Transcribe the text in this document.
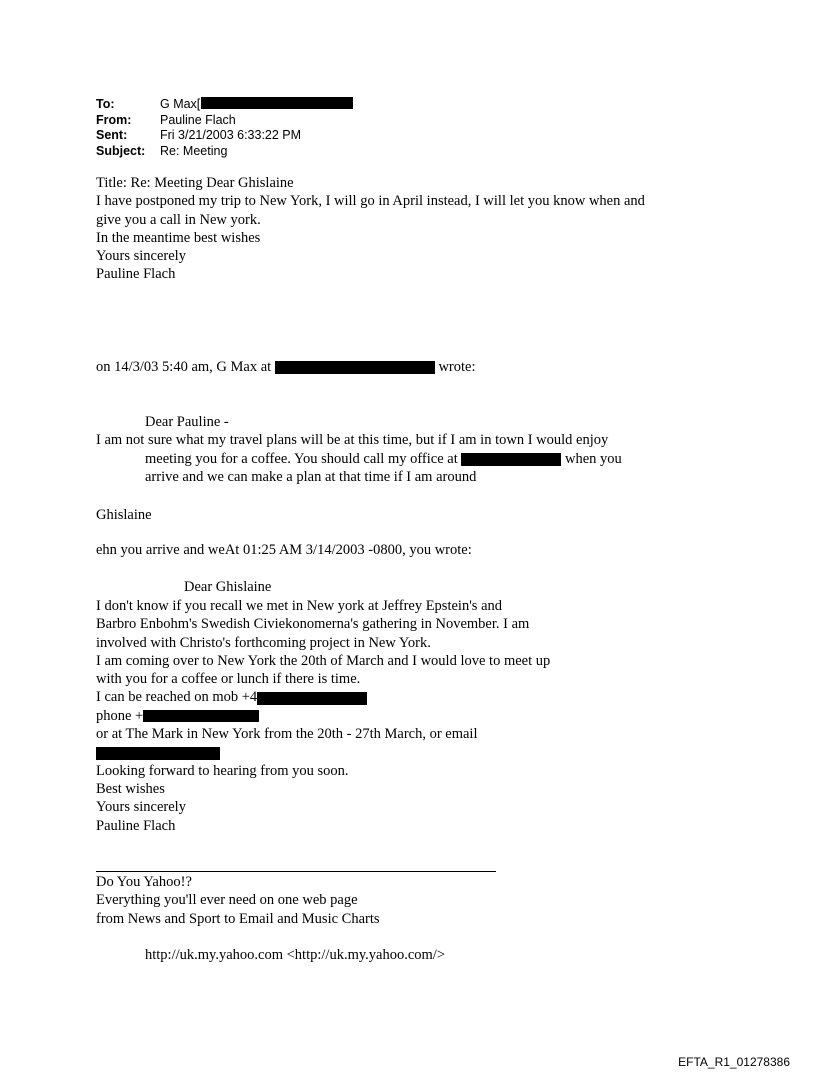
To:	G Max[
From:	Pauline Flach
Sent:	Fri 3/21/2003 6:33:22 PM
Subject:	Re: Meeting
Title: Re: Meeting Dear Ghislaine
I have postponed my trip to New York, I will go in April instead, I will let you know when and
give you a call in New york.
In the meantime best wishes
Yours sincerely
Pauline Flach
on 14/3/03 5:40 am, G Max at	wrote:
Dear Pauline -
I am not sure what my travel plans will be at this time, but if I am in town I would enjoy
meeting you for a coffee. You should call my office at	when you
arrive and we can make a plan at that time if I am around
Ghislaine
ehn you arrive and weAt 01:25 AM 3/14/2003 -0800, you wrote:
Dear Ghislaine
I don't know if you recall we met in New york at Jeffrey Epstein's and
Barbro Enbohm's Swedish Civiekonomerna's gathering in November. I am
involved with Christo's forthcoming project in New York.
I am coming over to New York the 20th of March and I would love to meet up
with you for a coffee or lunch if there is time.
I can be reached on mob +4
phone +
or at The Mark in New York from the 20th - 27th March, or email
Looking forward to hearing from you soon.
Best wishes
Yours sincerely
Pauline Flach
Do You Yahoo!?
Everything you'll ever need on one web page
from News and Sport to Email and Music Charts
http://uk.my.yahoo.com <http://uk.my.yahoo.com/>
EFTA_R1_01278386
